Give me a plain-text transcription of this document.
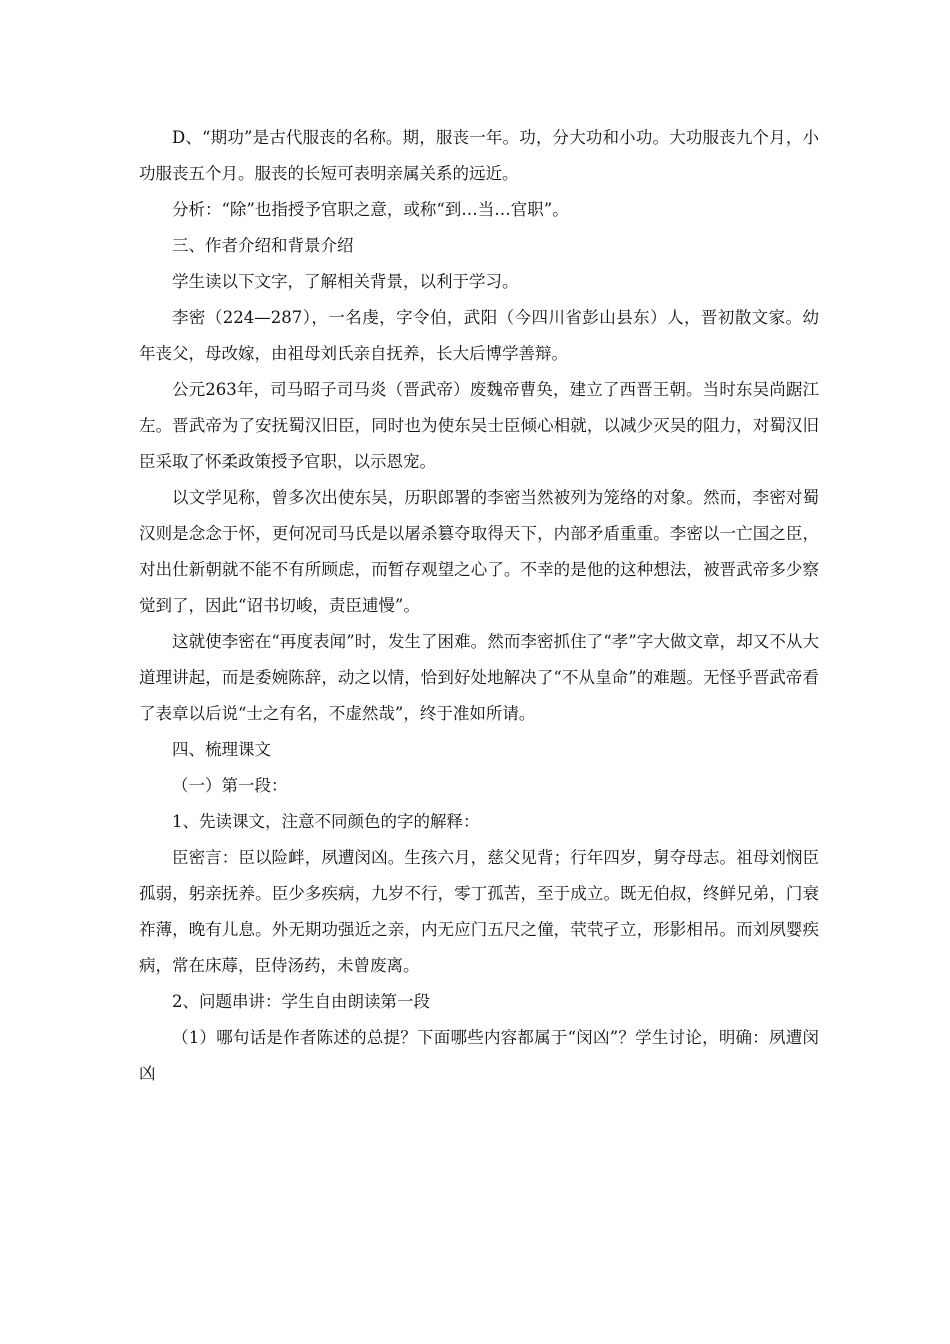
D、“期功”是古代服丧的名称。期，服丧一年。功，分大功和小功。大功服丧九个月，小功服丧五个月。服丧的长短可表明亲属关系的远近。

分析：“除”也指授予官职之意，或称“到…当…官职”。

三、作者介绍和背景介绍

学生读以下文字，了解相关背景，以利于学习。

李密（224—287），一名虔，字令伯，武阳（今四川省彭山县东）人，晋初散文家。幼年丧父，母改嫁，由祖母刘氏亲自抚养，长大后博学善辩。

公元263年，司马昭子司马炎（晋武帝）废魏帝曹奂，建立了西晋王朝。当时东吴尚踞江左。晋武帝为了安抚蜀汉旧臣，同时也为使东吴士臣倾心相就，以减少灭吴的阻力，对蜀汉旧臣采取了怀柔政策授予官职，以示恩宠。

以文学见称，曾多次出使东吴，历职郎署的李密当然被列为笼络的对象。然而，李密对蜀汉则是念念于怀，更何况司马氏是以屠杀篡夺取得天下，内部矛盾重重。李密以一亡国之臣，对出仕新朝就不能不有所顾虑，而暂存观望之心了。不幸的是他的这种想法，被晋武帝多少察觉到了，因此“诏书切峻，责臣逋慢”。

这就使李密在“再度表闻”时，发生了困难。然而李密抓住了“孝”字大做文章，却又不从大道理讲起，而是委婉陈辞，动之以情，恰到好处地解决了“不从皇命”的难题。无怪乎晋武帝看了表章以后说“士之有名，不虚然哉”，终于准如所请。

四、梳理课文

（一）第一段：

1、先读课文，注意不同颜色的字的解释：

臣密言：臣以险衅，夙遭闵凶。生孩六月，慈父见背；行年四岁，舅夺母志。祖母刘悯臣孤弱，躬亲抚养。臣少多疾病，九岁不行，零丁孤苦，至于成立。既无伯叔，终鲜兄弟，门衰祚薄，晚有儿息。外无期功强近之亲，内无应门五尺之僮，茕茕孑立，形影相吊。而刘夙婴疾病，常在床蓐，臣侍汤药，未曾废离。

2、问题串讲：学生自由朗读第一段

（1）哪句话是作者陈述的总提？下面哪些内容都属于“闵凶”？学生讨论，明确：夙遭闵凶
